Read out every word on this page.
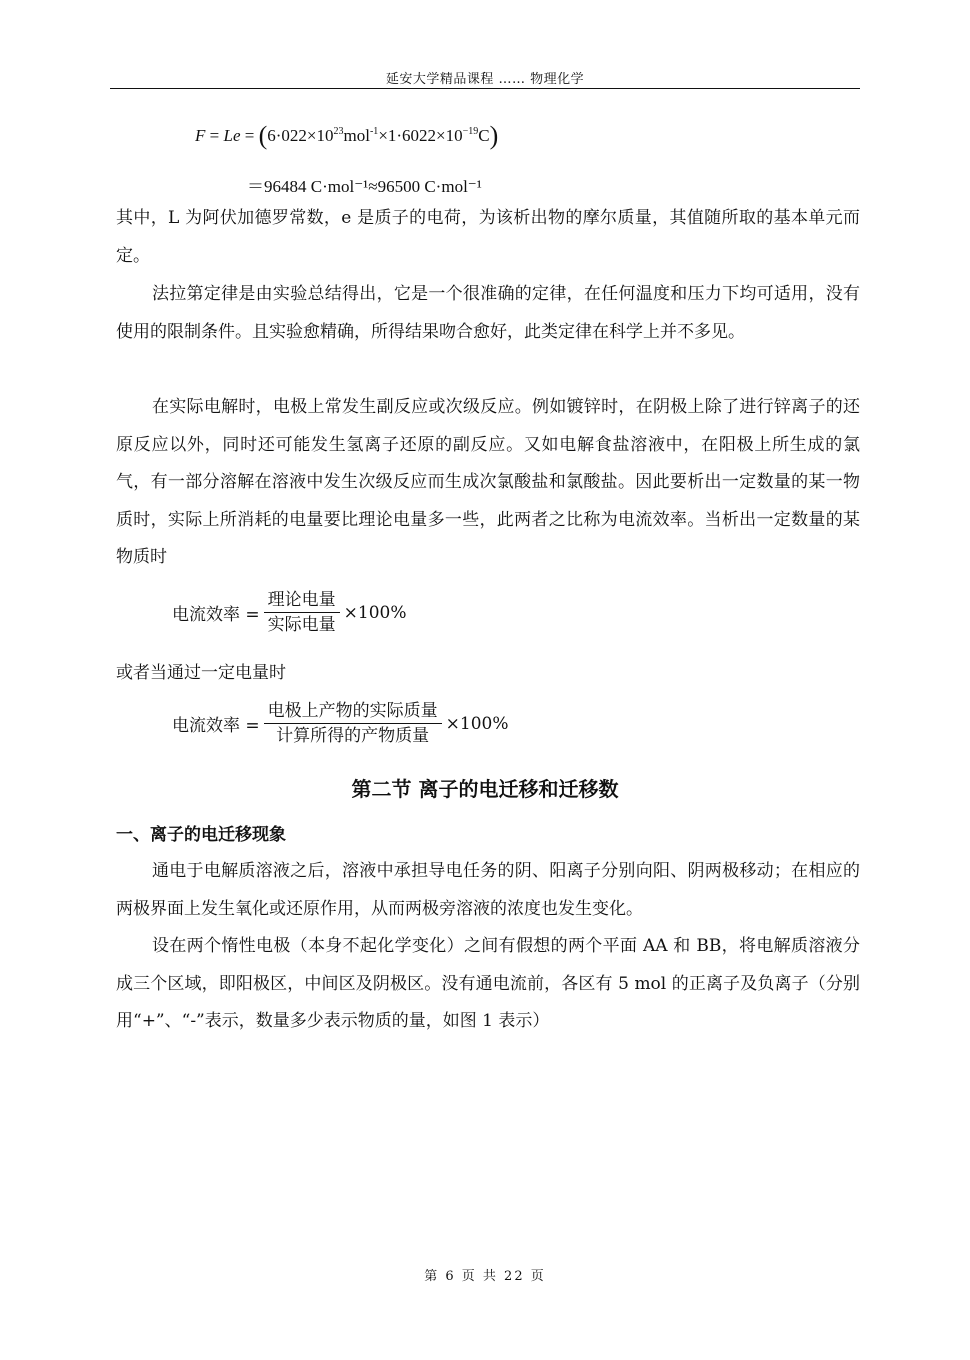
延安大学精品课程 …… 物理化学
$F = Le = (6\cdot 022\times 10^{23}mol^{-1}\times 1\cdot 6022\times 10^{-19}C)$
＝96484 C·mol⁻¹≈96500 C·mol⁻¹
其中，L 为阿伏加德罗常数，e 是质子的电荷，为该析出物的摩尔质量，其值随所取的基本单元而定。
法拉第定律是由实验总结得出，它是一个很准确的定律，在任何温度和压力下均可适用，没有使用的限制条件。且实验愈精确，所得结果吻合愈好，此类定律在科学上并不多见。
在实际电解时，电极上常发生副反应或次级反应。例如镀锌时，在阴极上除了进行锌离子的还原反应以外，同时还可能发生氢离子还原的副反应。又如电解食盐溶液中，在阳极上所生成的氯气，有一部分溶解在溶液中发生次级反应而生成次氯酸盐和氯酸盐。因此要析出一定数量的某一物质时，实际上所消耗的电量要比理论电量多一些，此两者之比称为电流效率。当析出一定数量的某物质时
电流效率 = $\frac{\text{理论电量}}{\text{实际电量}} \times 100\%$
或者当通过一定电量时
电流效率 = $\frac{\text{电极上产物的实际质量}}{\text{计算所得的产物质量}} \times 100\%$
第二节 离子的电迁移和迁移数
一、离子的电迁移现象
通电于电解质溶液之后，溶液中承担导电任务的阴、阳离子分别向阳、阴两极移动；在相应的两极界面上发生氧化或还原作用，从而两极旁溶液的浓度也发生变化。
设在两个惰性电极（本身不起化学变化）之间有假想的两个平面 AA 和 BB，将电解质溶液分成三个区域，即阳极区，中间区及阴极区。没有通电流前，各区有 5 mol 的正离子及负离子（分别用“+”、“-”表示，数量多少表示物质的量，如图 1 表示）
第 6 页 共 22 页
